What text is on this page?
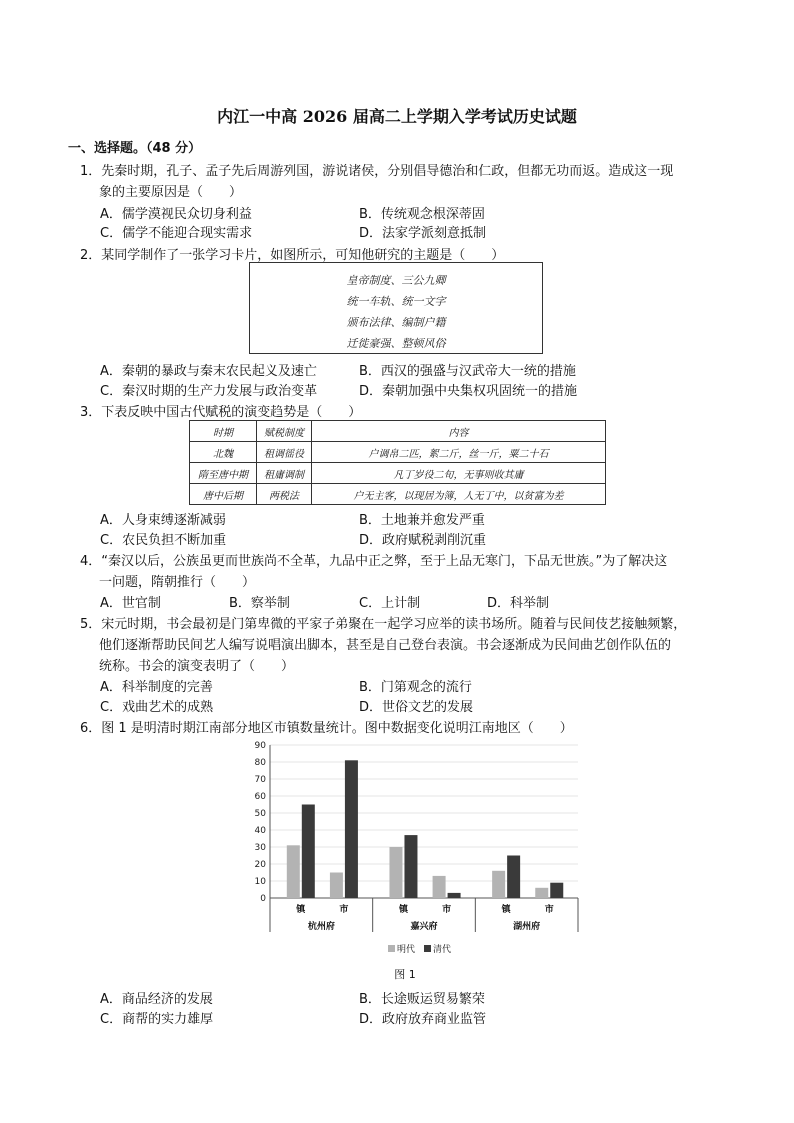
内江一中高 2026 届高二上学期入学考试历史试题
一、选择题。（48 分）
1．先秦时期，孔子、孟子先后周游列国，游说诸侯，分别倡导德治和仁政，但都无功而返。造成这一现
象的主要原因是（　　）
A．儒学漠视民众切身利益	B．传统观念根深蒂固
C．儒学不能迎合现实需求	D．法家学派刻意抵制
2．某同学制作了一张学习卡片，如图所示，可知他研究的主题是（　　）
皇帝制度、三公九卿
统一车轨、统一文字
颁布法律、编制户籍
迁徙豪强、整顿风俗
A．秦朝的暴政与秦末农民起义及速亡	B．西汉的强盛与汉武帝大一统的措施
C．秦汉时期的生产力发展与政治变革	D．秦朝加强中央集权巩固统一的措施
3．下表反映中国古代赋税的演变趋势是（　　）
时期	赋税制度	内容
北魏	租调徭役	户调帛二匹，絮二斤，丝一斤，粟二十石
隋至唐中期	租庸调制	凡丁岁役二旬，无事则收其庸
唐中后期	两税法	户无主客，以现居为簿，人无丁中，以贫富为差
A．人身束缚逐渐减弱	B．土地兼并愈发严重
C．农民负担不断加重	D．政府赋税剥削沉重
4．“秦汉以后，公族虽更而世族尚不全革，九品中正之弊，至于上品无寒门，下品无世族。”为了解决这
一问题，隋朝推行（　　）
A．世官制	B．察举制	C．上计制	D．科举制
5．宋元时期，书会最初是门第卑微的平家子弟聚在一起学习应举的读书场所。随着与民间伎艺接触频繁，
他们逐渐帮助民间艺人编写说唱演出脚本，甚至是自己登台表演。书会逐渐成为民间曲艺创作队伍的
统称。书会的演变表明了（　　）
A．科举制度的完善	B．门第观念的流行
C．戏曲艺术的成熟	D．世俗文艺的发展
6．图 1 是明清时期江南部分地区市镇数量统计。图中数据变化说明江南地区（　　）
0
10
20
30
40
50
60
70
80
90
镇	市
杭州府
镇	市
嘉兴府
镇	市
湖州府
明代 清代
图 1
A．商品经济的发展	B．长途贩运贸易繁荣
C．商帮的实力雄厚	D．政府放弃商业监管
